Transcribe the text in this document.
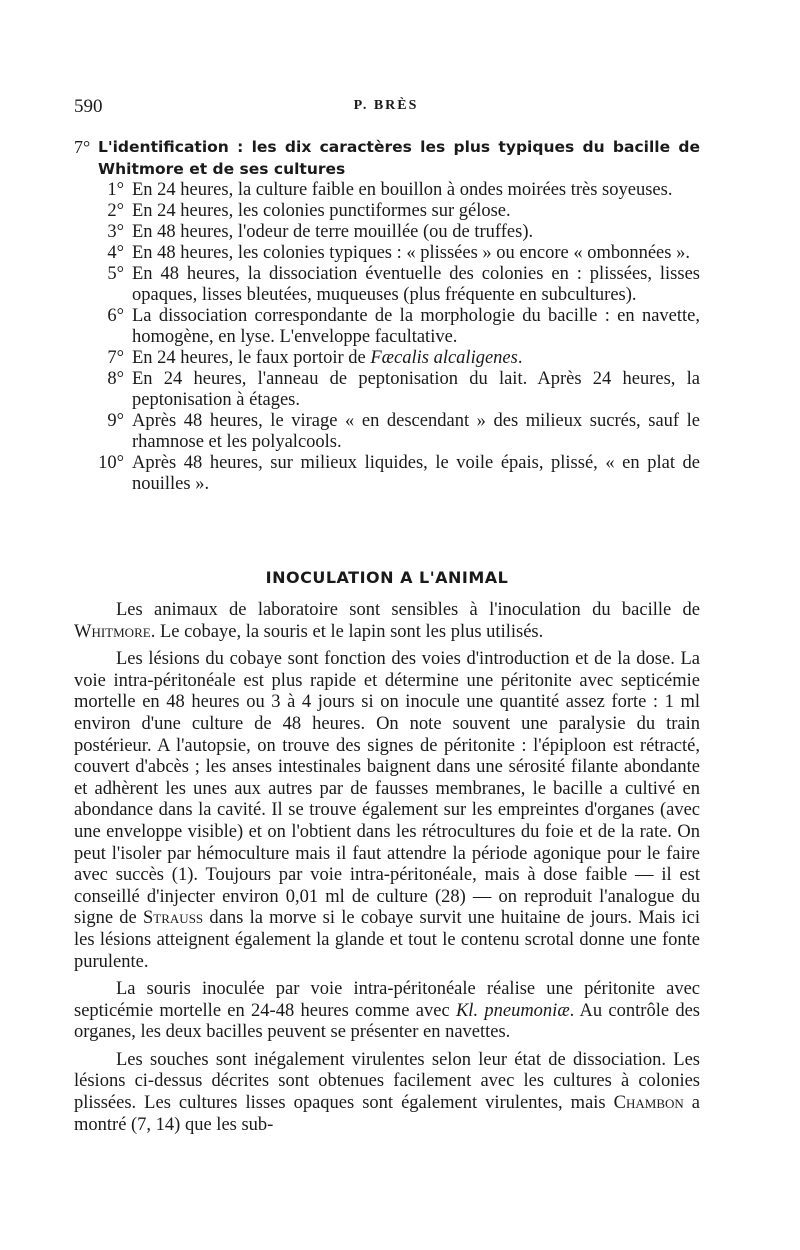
590	P. BRÈS
7° L'identification : les dix caractères les plus typiques du bacille de Whitmore et de ses cultures
1° En 24 heures, la culture faible en bouillon à ondes moirées très soyeuses.
2° En 24 heures, les colonies punctiformes sur gélose.
3° En 48 heures, l'odeur de terre mouillée (ou de truffes).
4° En 48 heures, les colonies typiques : « plissées » ou encore « ombonnées ».
5° En 48 heures, la dissociation éventuelle des colonies en : plissées, lisses opaques, lisses bleutées, muqueuses (plus fréquente en subcultures).
6° La dissociation correspondante de la morphologie du bacille : en navette, homogène, en lyse. L'enveloppe facultative.
7° En 24 heures, le faux portoir de Fæcalis alcaligenes.
8° En 24 heures, l'anneau de peptonisation du lait. Après 24 heures, la peptonisation à étages.
9° Après 48 heures, le virage « en descendant » des milieux sucrés, sauf le rhamnose et les polyalcools.
10° Après 48 heures, sur milieux liquides, le voile épais, plissé, « en plat de nouilles ».
INOCULATION A L'ANIMAL

Les animaux de laboratoire sont sensibles à l'inoculation du bacille de Whitmore. Le cobaye, la souris et le lapin sont les plus utilisés.

Les lésions du cobaye sont fonction des voies d'introduction et de la dose. La voie intra-péritonéale est plus rapide et détermine une péritonite avec septicémie mortelle en 48 heures ou 3 à 4 jours si on inocule une quantité assez forte : 1 ml environ d'une culture de 48 heures. On note souvent une paralysie du train postérieur. A l'autopsie, on trouve des signes de péritonite : l'épiploon est rétracté, couvert d'abcès ; les anses intestinales baignent dans une sérosité filante abondante et adhèrent les unes aux autres par de fausses membranes, le bacille a cultivé en abondance dans la cavité. Il se trouve également sur les empreintes d'organes (avec une enveloppe visible) et on l'obtient dans les rétrocultures du foie et de la rate. On peut l'isoler par hémoculture mais il faut attendre la période agonique pour le faire avec succès (1). Toujours par voie intra-péritonéale, mais à dose faible — il est conseillé d'injecter environ 0,01 ml de culture (28) — on reproduit l'analogue du signe de Strauss dans la morve si le cobaye survit une huitaine de jours. Mais ici les lésions atteignent également la glande et tout le contenu scrotal donne une fonte purulente.

La souris inoculée par voie intra-péritonéale réalise une péritonite avec septicémie mortelle en 24-48 heures comme avec Kl. pneumoniæ. Au contrôle des organes, les deux bacilles peuvent se présenter en navettes.

Les souches sont inégalement virulentes selon leur état de dissociation. Les lésions ci-dessus décrites sont obtenues facilement avec les cultures à colonies plissées. Les cultures lisses opaques sont également virulentes, mais Chambon a montré (7, 14) que les sub-
